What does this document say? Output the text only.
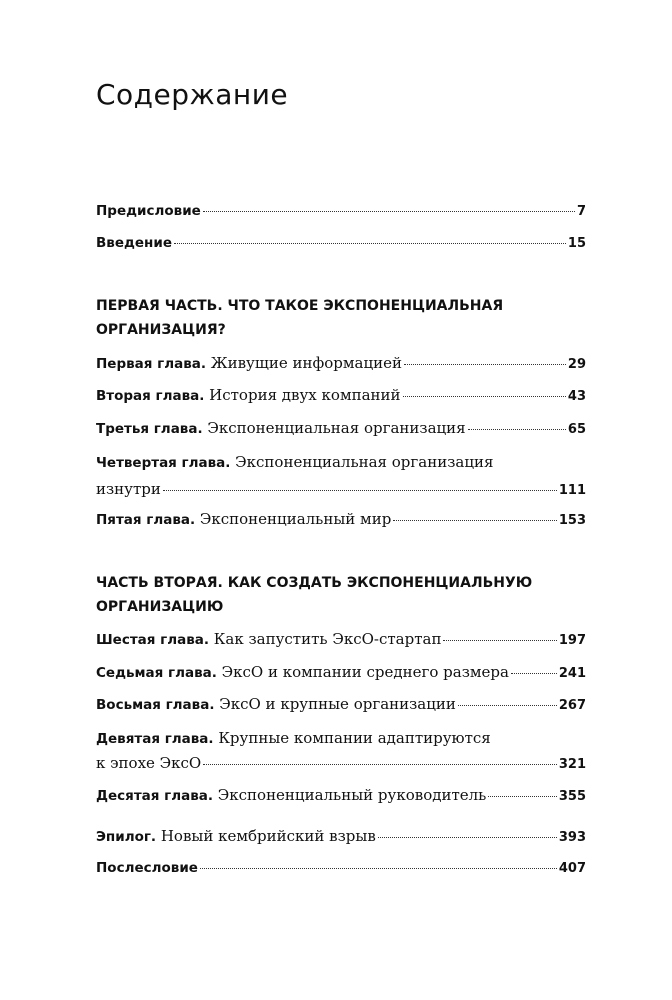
Содержание
Предисловие	7
Введение	15
ПЕРВАЯ ЧАСТЬ. ЧТО ТАКОЕ ЭКСПОНЕНЦИАЛЬНАЯ
ОРГАНИЗАЦИЯ?
Первая глава. Живущие информацией	29
Вторая глава. История двух компаний	43
Третья глава. Экспоненциальная организация	65
Четвертая глава. Экспоненциальная организация
изнутри	111
Пятая глава. Экспоненциальный мир	153
ЧАСТЬ ВТОРАЯ. КАК СОЗДАТЬ ЭКСПОНЕНЦИАЛЬНУЮ
ОРГАНИЗАЦИЮ
Шестая глава. Как запустить ЭксО-стартап	197
Седьмая глава. ЭксО и компании среднего размера	241
Восьмая глава. ЭксО и крупные организации	267
Девятая глава. Крупные компании адаптируются
к эпохе ЭксО	321
Десятая глава. Экспоненциальный руководитель	355
Эпилог. Новый кембрийский взрыв	393
Послесловие	407
